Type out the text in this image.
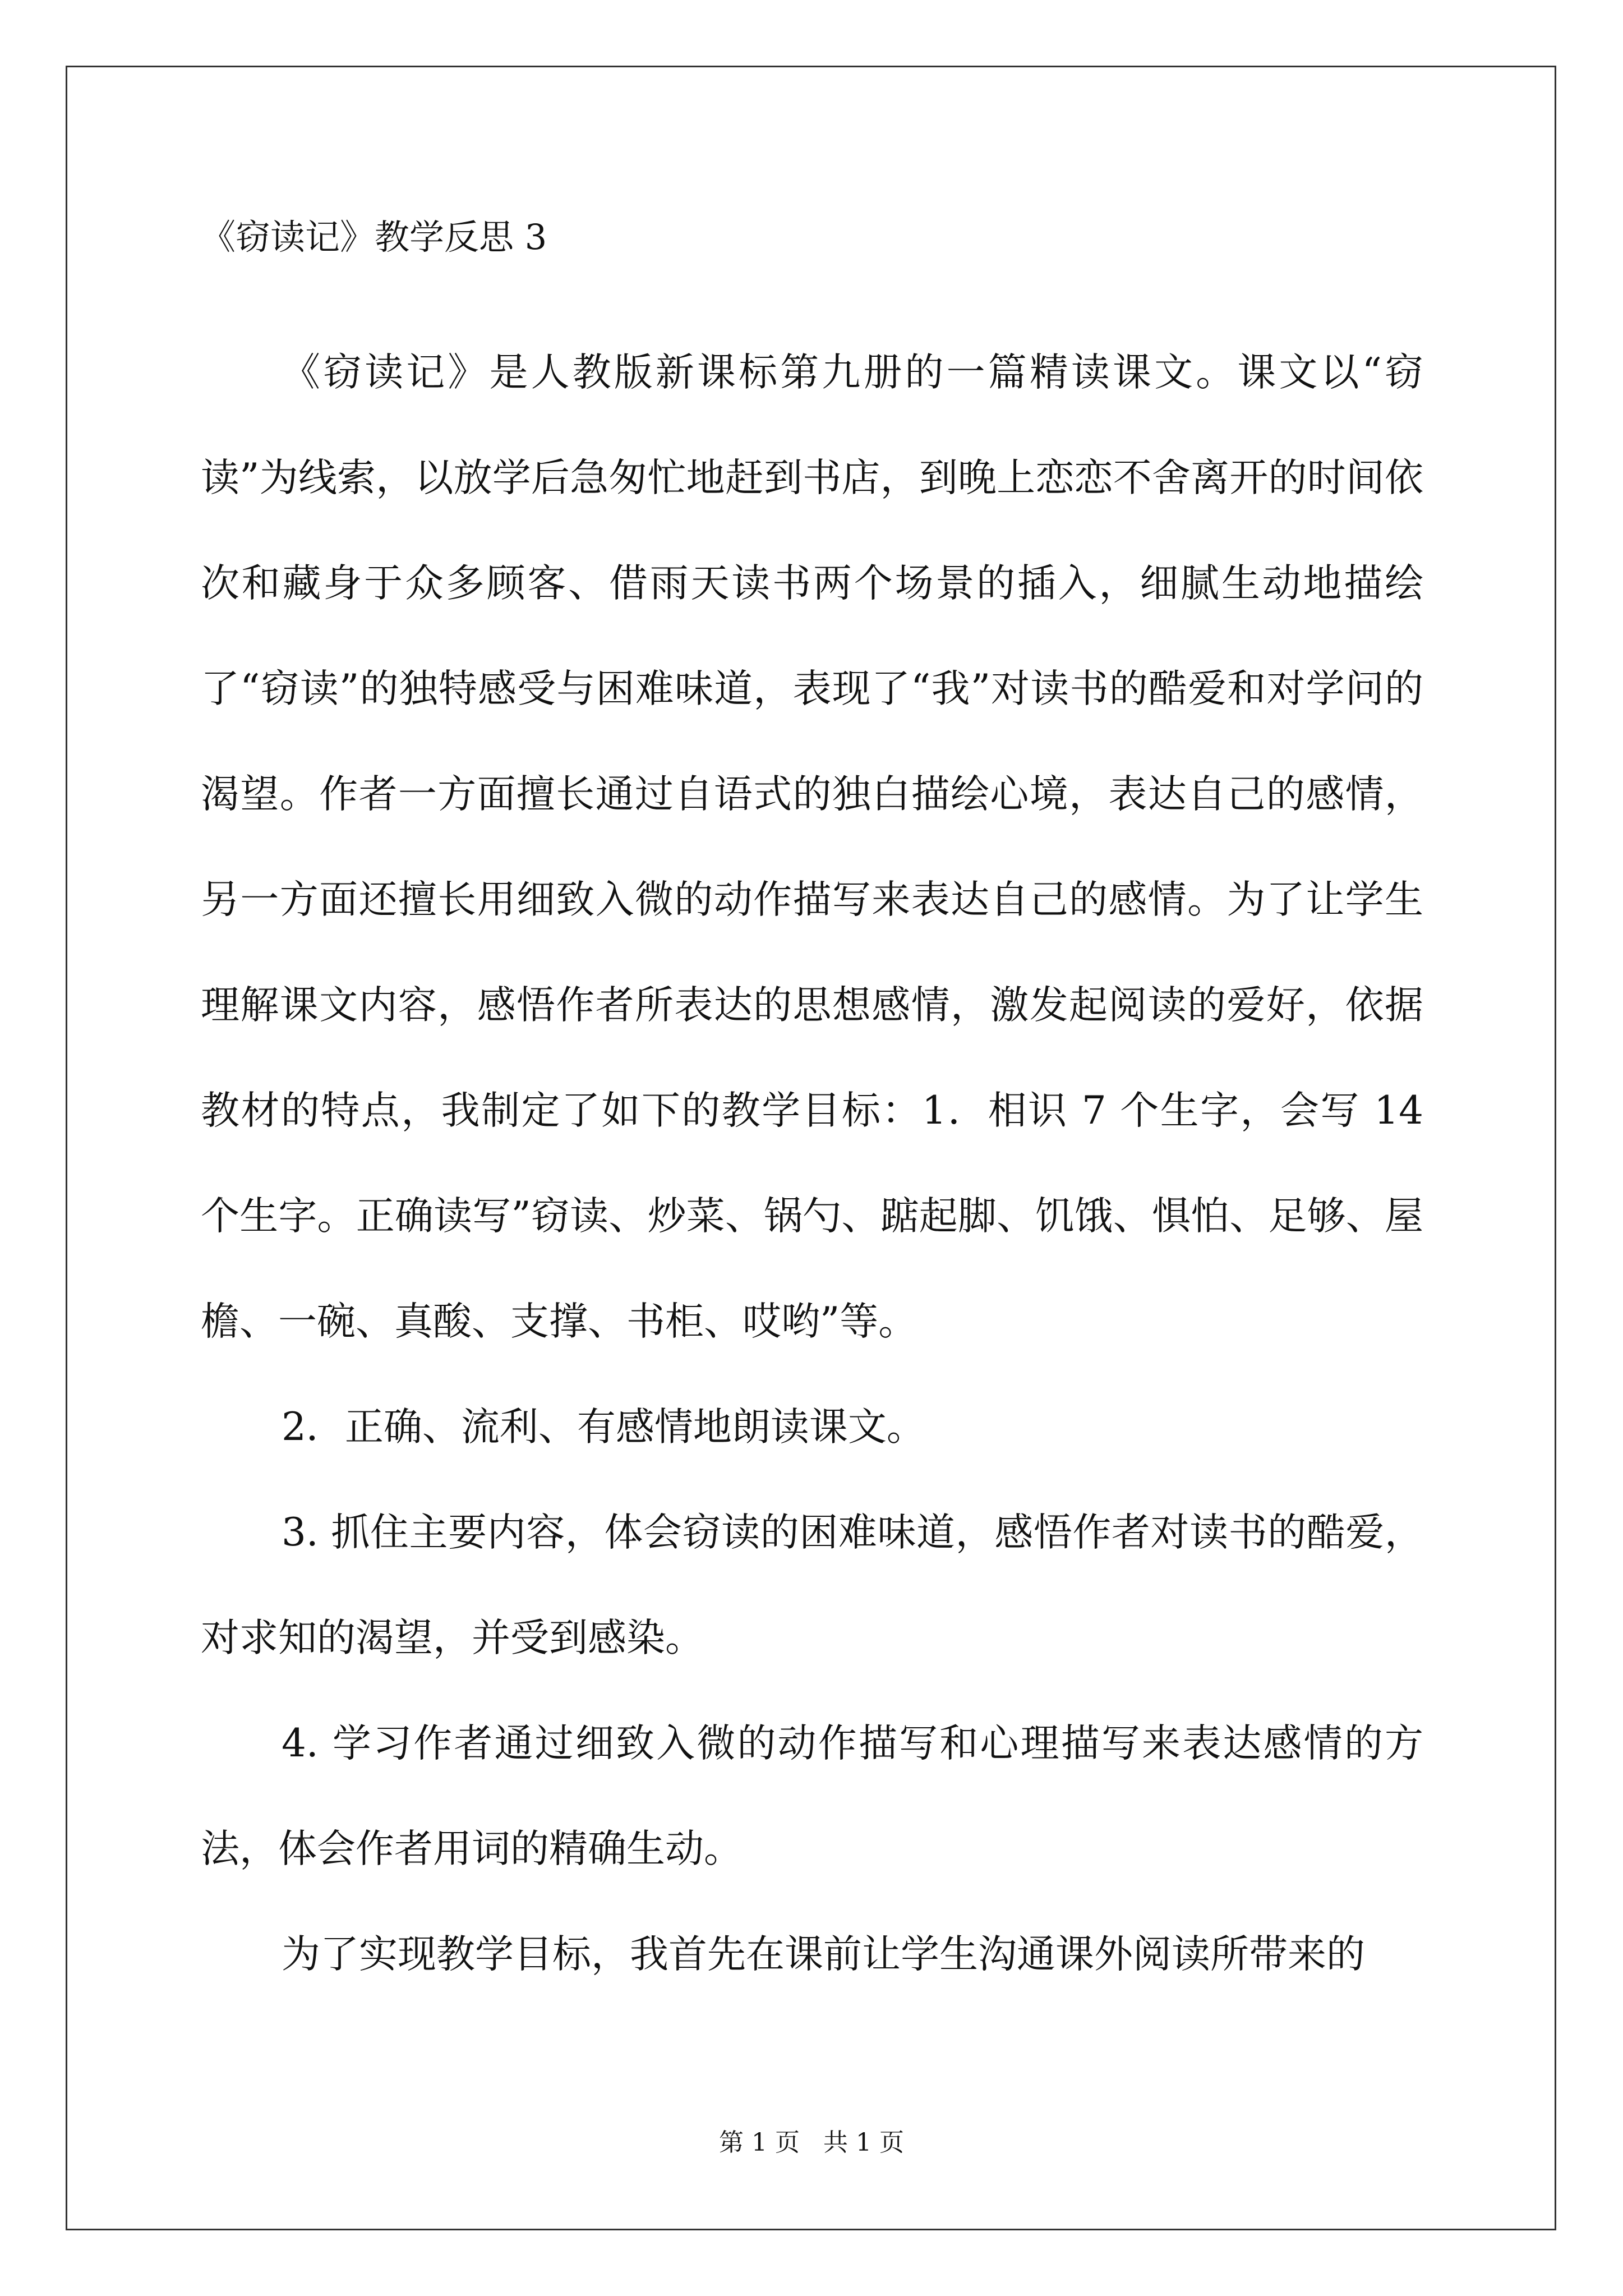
《窃读记》教学反思 3

《窃读记》是人教版新课标第九册的一篇精读课文。课文以“窃读”为线索，以放学后急匆忙地赶到书店，到晚上恋恋不舍离开的时间依次和藏身于众多顾客、借雨天读书两个场景的插入，细腻生动地描绘了“窃读”的独特感受与困难味道，表现了“我”对读书的酷爱和对学问的渴望。作者一方面擅长通过自语式的独白描绘心境，表达自己的感情，另一方面还擅长用细致入微的动作描写来表达自己的感情。为了让学生理解课文内容，感悟作者所表达的思想感情，激发起阅读的爱好，依据教材的特点，我制定了如下的教学目标：1．相识 7 个生字，会写 14 个生字。正确读写”窃读、炒菜、锅勺、踮起脚、饥饿、惧怕、足够、屋檐、一碗、真酸、支撑、书柜、哎哟”等。

2．正确、流利、有感情地朗读课文。

3. 抓住主要内容，体会窃读的困难味道，感悟作者对读书的酷爱，对求知的渴望，并受到感染。

4. 学习作者通过细致入微的动作描写和心理描写来表达感情的方法，体会作者用词的精确生动。

为了实现教学目标，我首先在课前让学生沟通课外阅读所带来的

第 1 页   共 1 页
